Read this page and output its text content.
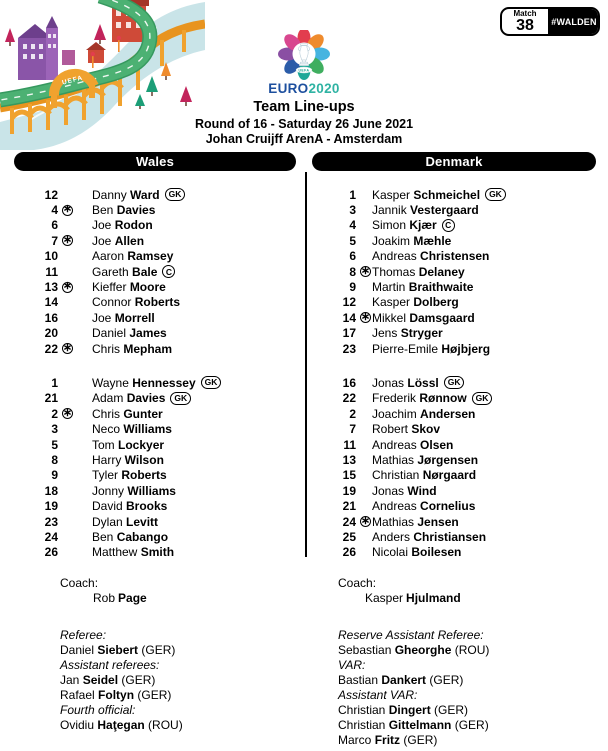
UEFA
Match
38 #WALDEN
UEFA
EURO2020
Team Line-ups
Round of 16 - Saturday 26 June 2021
Johan Cruijff ArenA - Amsterdam
Wales
12	Danny Ward	GK
4 ∗ Ben Davies
6	Joe Rodon
7 ∗ Joe Allen
10	Aaron Ramsey
11	Gareth Bale C
13 ∗ Kieffer Moore
14	Connor Roberts
16	Joe Morrell
20	Daniel James
22 ∗ Chris Mepham
1	Wayne Hennessey	GK
21	Adam Davies	GK
2 ∗ Chris Gunter
3	Neco Williams
5	Tom Lockyer
8	Harry Wilson
9	Tyler Roberts
18	Jonny Williams
19	David Brooks
23	Dylan Levitt
24	Ben Cabango
26	Matthew Smith
Coach:
Rob Page
Referee:
Daniel Siebert (GER)
Assistant referees:
Jan Seidel (GER)
Rafael Foltyn (GER)
Fourth official:
Ovidiu Haţegan (ROU)
Denmark
1 Kasper Schmeichel	GK
3 Jannik Vestergaard
4 Simon Kjær C
5 Joakim Mæhle
6 Andreas Christensen
8 ∗ Thomas Delaney
9 Martin Braithwaite
12 Kasper Dolberg
14 ∗ Mikkel Damsgaard
17 Jens Stryger
23 Pierre-Emile Højbjerg
16 Jonas Lössl	GK
22 Frederik Rønnow	GK
2 Joachim Andersen
7 Robert Skov
11 Andreas Olsen
13 Mathias Jørgensen
15 Christian Nørgaard
19 Jonas Wind
21 Andreas Cornelius
24 ∗ Mathias Jensen
25 Anders Christiansen
26 Nicolai Boilesen
Coach:
Kasper Hjulmand
Reserve Assistant Referee:
Sebastian Gheorghe (ROU)
VAR:
Bastian Dankert (GER)
Assistant VAR:
Christian Dingert (GER)
Christian Gittelmann (GER)
Marco Fritz (GER)
